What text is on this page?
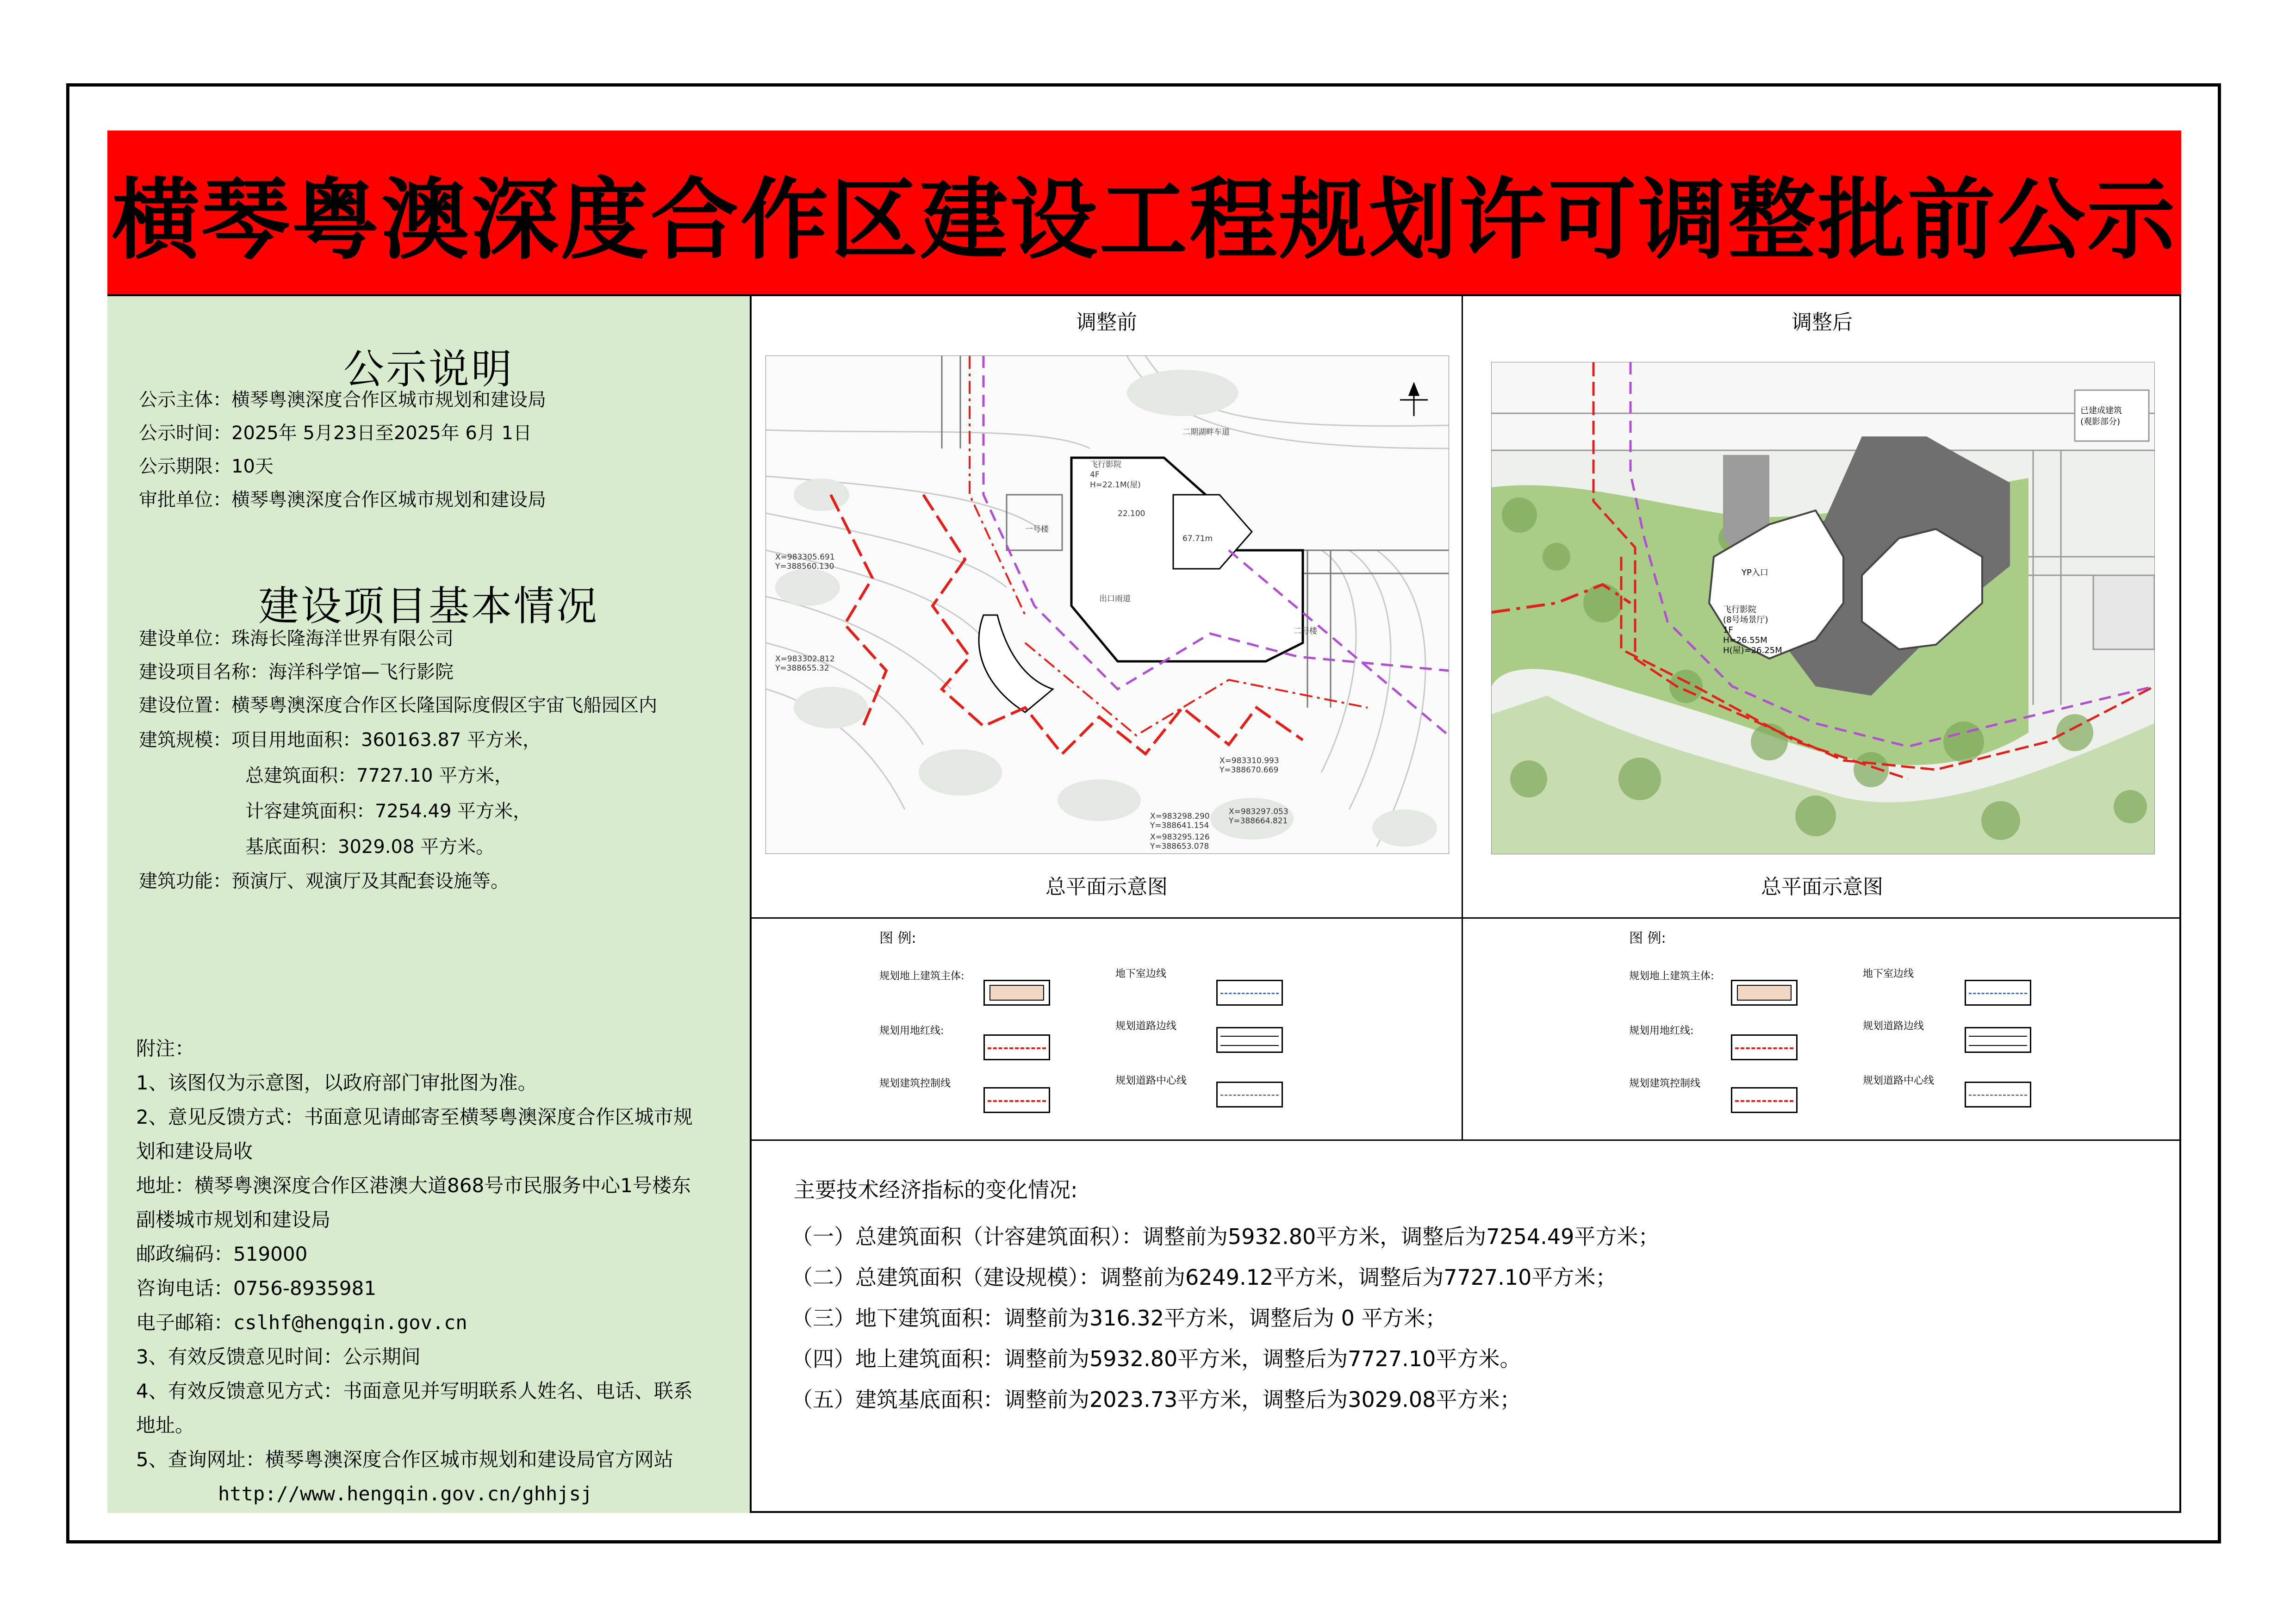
横琴粤澳深度合作区建设工程规划许可调整批前公示
公示说明
公示主体：横琴粤澳深度合作区城市规划和建设局
公示时间：2025年 5月23日至2025年 6月 1日
公示期限：10天
审批单位：横琴粤澳深度合作区城市规划和建设局
建设项目基本情况
建设单位：珠海长隆海洋世界有限公司
建设项目名称：海洋科学馆—飞行影院
建设位置：横琴粤澳深度合作区长隆国际度假区宇宙飞船园区内
建筑规模：项目用地面积：360163.87 平方米，
总建筑面积：7727.10 平方米，
计容建筑面积：7254.49 平方米，
基底面积：3029.08 平方米。
建筑功能：预演厅、观演厅及其配套设施等。
附注：
1、该图仅为示意图，以政府部门审批图为准。
2、意见反馈方式：书面意见请邮寄至横琴粤澳深度合作区城市规
划和建设局收
地址：横琴粤澳深度合作区港澳大道868号市民服务中心1号楼东
副楼城市规划和建设局
邮政编码：519000
咨询电话：0756-8935981
电子邮箱：cslhf@hengqin.gov.cn
3、有效反馈意见时间：公示期间
4、有效反馈意见方式：书面意见并写明联系人姓名、电话、联系
地址。
5、查询网址：横琴粤澳深度合作区城市规划和建设局官方网站
http://www.hengqin.gov.cn/ghhjsj
调整前	调整后
一号楼
二号楼
飞行影院
4F
H=22.1M(屋)
出口雨道
67.71m
22.100
二期湖畔车道
X=983305.691
Y=388560.130
X=983302.812
Y=388655.32
X=983298.290
Y=388641.154
X=983310.993
Y=388670.669
X=983295.126
Y=388653.078
X=983297.053
Y=388664.821
总平面示意图
飞行影院
(8号场景厅)
1F
H=26.55M
H(屋)=26.25M
YP入口
已建成建筑
(观影部分)
总平面示意图
图 例:
规划地上建筑主体:
规划用地红线:
规划建筑控制线
地下室边线
规划道路边线
规划道路中心线
图 例:
规划地上建筑主体:
规划用地红线:
规划建筑控制线
地下室边线
规划道路边线
规划道路中心线
主要技术经济指标的变化情况:
（一）总建筑面积（计容建筑面积）：调整前为5932.80平方米，调整后为7254.49平方米；
（二）总建筑面积（建设规模）：调整前为6249.12平方米，调整后为7727.10平方米；
（三）地下建筑面积：调整前为316.32平方米，调整后为 0 平方米；
（四）地上建筑面积：调整前为5932.80平方米，调整后为7727.10平方米。
（五）建筑基底面积：调整前为2023.73平方米，调整后为3029.08平方米；
